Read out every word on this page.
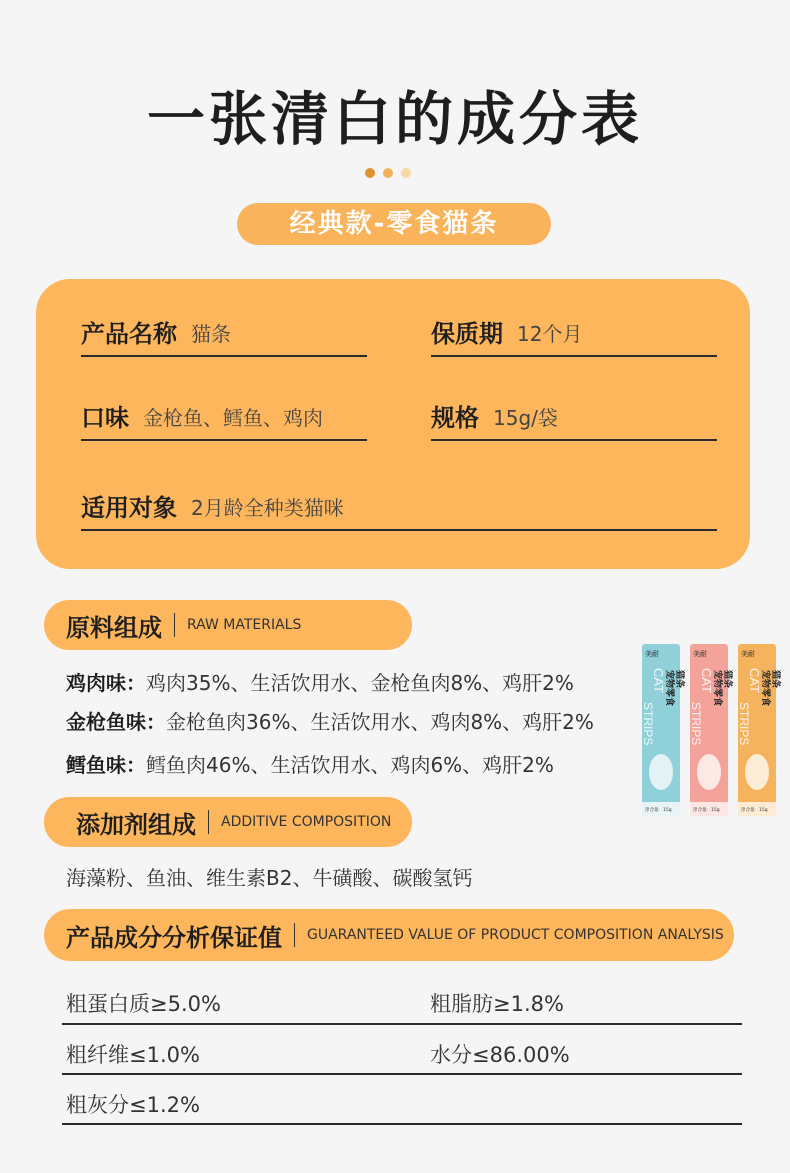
一张清白的成分表
经典款-零食猫条
产品名称 猫条	保质期 12个月
口味 金枪鱼、鳕鱼、鸡肉	规格 15g/袋
适用对象 2月龄全种类猫咪
原料组成 RAW MATERIALS
鸡肉味：鸡肉35%、生活饮用水、金枪鱼肉8%、鸡肝2%
金枪鱼味：金枪鱼肉36%、生活饮用水、鸡肉8%、鸡肝2%
鳕鱼味：鳕鱼肉46%、生活饮用水、鸡肉6%、鸡肝2%
美耐	美耐	美耐
CAT	CAT	CAT
STRIPS	STRIPS	STRIPS
宠物零食	宠物零食	宠物零食
猫条	猫条	猫条
净含量：15g	净含量：15g	净含量：15g
添加剂组成 ADDITIVE COMPOSITION
海藻粉、鱼油、维生素B2、牛磺酸、碳酸氢钙
产品成分分析保证值 GUARANTEED VALUE OF PRODUCT COMPOSITION ANALYSIS
粗蛋白质≥5.0%	粗脂肪≥1.8%
粗纤维≤1.0%	水分≤86.00%
粗灰分≤1.2%
